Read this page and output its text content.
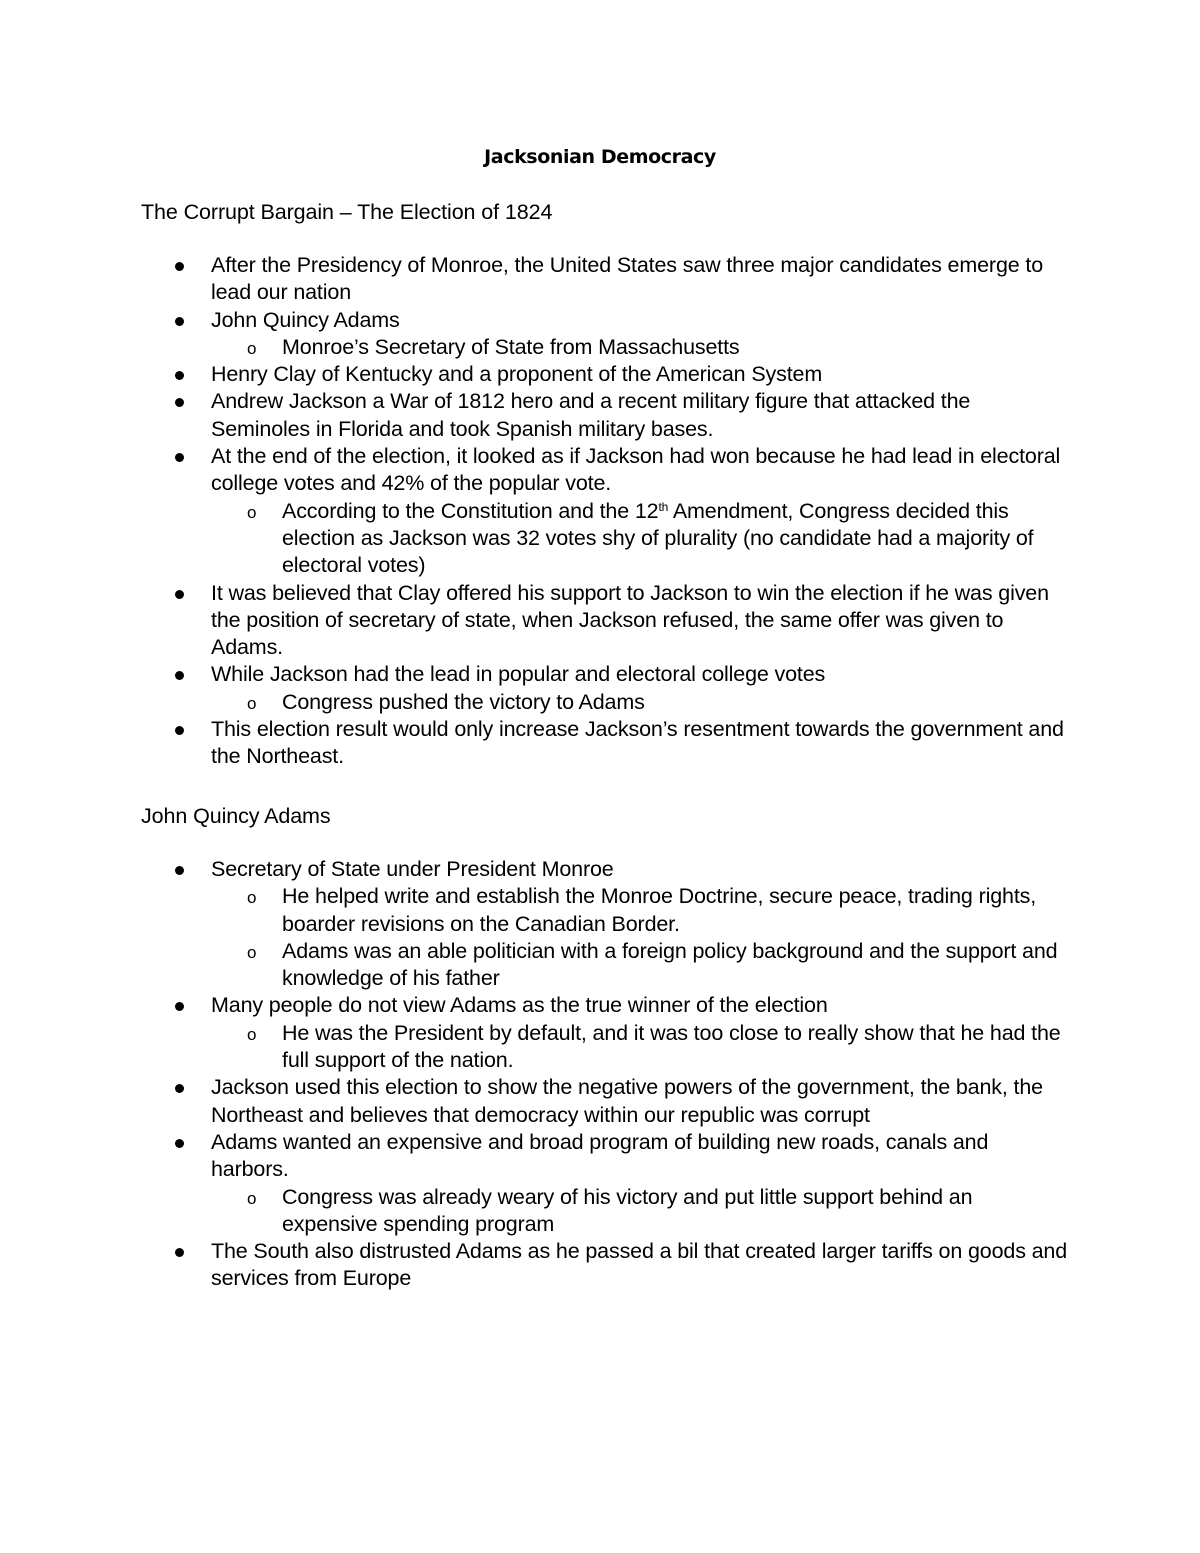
Jacksonian Democracy

The Corrupt Bargain – The Election of 1824

After the Presidency of Monroe, the United States saw three major candidates emerge to lead our nation
John Quincy Adams
o Monroe’s Secretary of State from Massachusetts
Henry Clay of Kentucky and a proponent of the American System
Andrew Jackson a War of 1812 hero and a recent military figure that attacked the Seminoles in Florida and took Spanish military bases.
At the end of the election, it looked as if Jackson had won because he had lead in electoral college votes and 42% of the popular vote.
o According to the Constitution and the 12th Amendment, Congress decided this election as Jackson was 32 votes shy of plurality (no candidate had a majority of electoral votes)
It was believed that Clay offered his support to Jackson to win the election if he was given the position of secretary of state, when Jackson refused, the same offer was given to Adams.
While Jackson had the lead in popular and electoral college votes
o Congress pushed the victory to Adams
This election result would only increase Jackson’s resentment towards the government and the Northeast.

John Quincy Adams

Secretary of State under President Monroe
o He helped write and establish the Monroe Doctrine, secure peace, trading rights, boarder revisions on the Canadian Border.
o Adams was an able politician with a foreign policy background and the support and knowledge of his father
Many people do not view Adams as the true winner of the election
o He was the President by default, and it was too close to really show that he had the full support of the nation.
Jackson used this election to show the negative powers of the government, the bank, the Northeast and believes that democracy within our republic was corrupt
Adams wanted an expensive and broad program of building new roads, canals and harbors.
o Congress was already weary of his victory and put little support behind an expensive spending program
The South also distrusted Adams as he passed a bil that created larger tariffs on goods and services from Europe
